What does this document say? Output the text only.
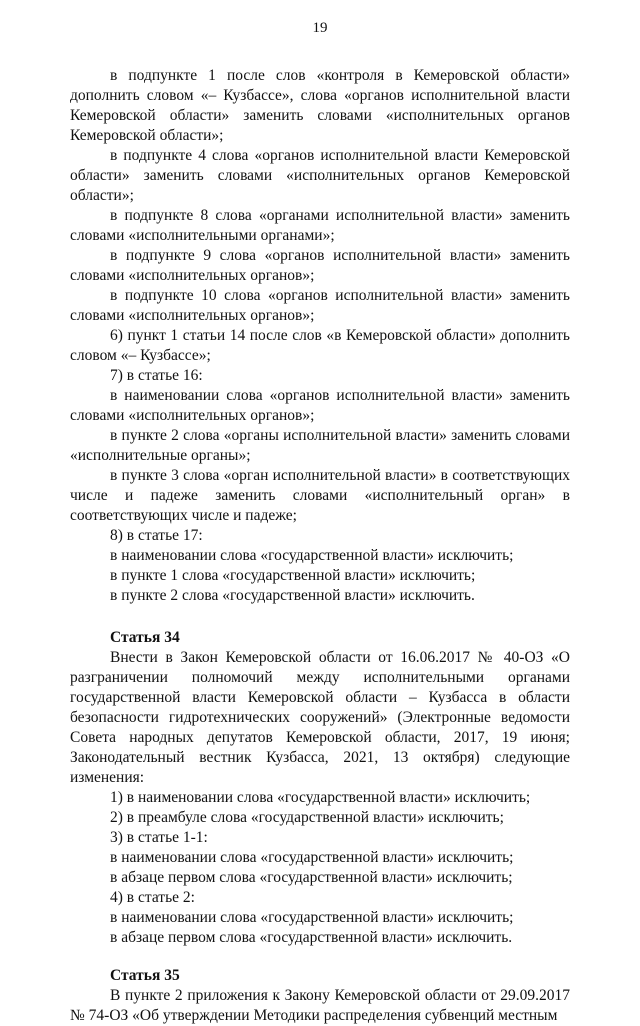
19

в подпункте 1 после слов «контроля в Кемеровской области» дополнить словом «– Кузбассе», слова «органов исполнительной власти Кемеровской области» заменить словами «исполнительных органов Кемеровской области»;

в подпункте 4 слова «органов исполнительной власти Кемеровской области» заменить словами «исполнительных органов Кемеровской области»;

в подпункте 8 слова «органами исполнительной власти» заменить словами «исполнительными органами»;

в подпункте 9 слова «органов исполнительной власти» заменить словами «исполнительных органов»;

в подпункте 10 слова «органов исполнительной власти» заменить словами «исполнительных органов»;

6) пункт 1 статьи 14 после слов «в Кемеровской области» дополнить словом «– Кузбассе»;

7) в статье 16:

в наименовании слова «органов исполнительной власти» заменить словами «исполнительных органов»;

в пункте 2 слова «органы исполнительной власти» заменить словами «исполнительные органы»;

в пункте 3 слова «орган исполнительной власти» в соответствующих числе и падеже заменить словами «исполнительный орган» в соответствующих числе и падеже;

8) в статье 17:

в наименовании слова «государственной власти» исключить;

в пункте 1 слова «государственной власти» исключить;

в пункте 2 слова «государственной власти» исключить.

Статья 34

Внести в Закон Кемеровской области от 16.06.2017 № 40-ОЗ «О разграничении полномочий между исполнительными органами государственной власти Кемеровской области – Кузбасса в области безопасности гидротехнических сооружений» (Электронные ведомости Совета народных депутатов Кемеровской области, 2017, 19 июня; Законодательный вестник Кузбасса, 2021, 13 октября) следующие изменения:

1) в наименовании слова «государственной власти» исключить;

2) в преамбуле слова «государственной власти» исключить;

3) в статье 1-1:

в наименовании слова «государственной власти» исключить;

в абзаце первом слова «государственной власти» исключить;

4) в статье 2:

в наименовании слова «государственной власти» исключить;

в абзаце первом слова «государственной власти» исключить.

Статья 35

В пункте 2 приложения к Закону Кемеровской области от 29.09.2017 № 74-ОЗ «Об утверждении Методики распределения субвенций местным
